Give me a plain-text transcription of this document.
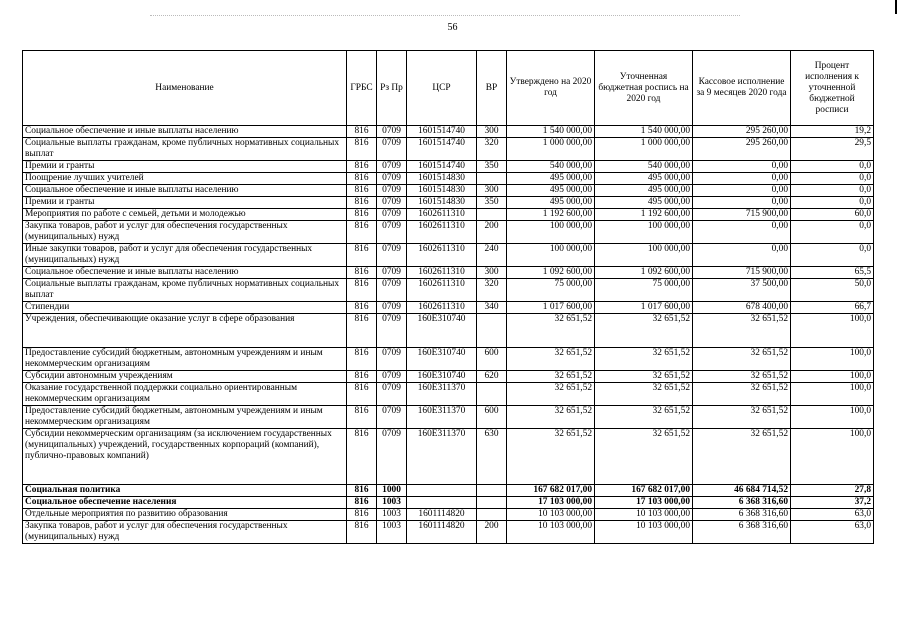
56
Наименование	ГРБС	Рз Пр	ЦСР	ВР	Утверждено на 2020 год	Уточненная бюджетная роспись на 2020 год	Кассовое исполнение за 9 месяцев 2020 года	Процент исполнения к уточненной бюджетной росписи
Социальное обеспечение и иные выплаты населению	816	0709	1601514740	300	1 540 000,00	1 540 000,00	295 260,00	19,2
Социальные выплаты гражданам, кроме публичных нормативных социальных выплат	816	0709	1601514740	320	1 000 000,00	1 000 000,00	295 260,00	29,5
Премии и гранты	816	0709	1601514740	350	540 000,00	540 000,00	0,00	0,0
Поощрение лучших учителей	816	0709	1601514830		495 000,00	495 000,00	0,00	0,0
Социальное обеспечение и иные выплаты населению	816	0709	1601514830	300	495 000,00	495 000,00	0,00	0,0
Премии и гранты	816	0709	1601514830	350	495 000,00	495 000,00	0,00	0,0
Мероприятия по работе с семьей, детьми и молодежью	816	0709	1602611310		1 192 600,00	1 192 600,00	715 900,00	60,0
Закупка товаров, работ и услуг для обеспечения государственных (муниципальных) нужд	816	0709	1602611310	200	100 000,00	100 000,00	0,00	0,0
Иные закупки товаров, работ и услуг для обеспечения государственных (муниципальных) нужд	816	0709	1602611310	240	100 000,00	100 000,00	0,00	0,0
Социальное обеспечение и иные выплаты населению	816	0709	1602611310	300	1 092 600,00	1 092 600,00	715 900,00	65,5
Социальные выплаты гражданам, кроме публичных нормативных социальных выплат	816	0709	1602611310	320	75 000,00	75 000,00	37 500,00	50,0
Стипендии	816	0709	1602611310	340	1 017 600,00	1 017 600,00	678 400,00	66,7
Учреждения, обеспечивающие оказание услуг в сфере образования	816	0709	160E310740		32 651,52	32 651,52	32 651,52	100,0
Предоставление субсидий бюджетным, автономным учреждениям и иным некоммерческим организациям	816	0709	160E310740	600	32 651,52	32 651,52	32 651,52	100,0
Субсидии автономным учреждениям	816	0709	160E310740	620	32 651,52	32 651,52	32 651,52	100,0
Оказание государственной поддержки социально ориентированным некоммерческим организациям	816	0709	160E311370		32 651,52	32 651,52	32 651,52	100,0
Предоставление субсидий бюджетным, автономным учреждениям и иным некоммерческим организациям	816	0709	160E311370	600	32 651,52	32 651,52	32 651,52	100,0
Субсидии некоммерческим организациям (за исключением государственных (муниципальных) учреждений, государственных корпораций (компаний), публично-правовых компаний)	816	0709	160E311370	630	32 651,52	32 651,52	32 651,52	100,0
Социальная политика	816	1000			167 682 017,00	167 682 017,00	46 684 714,52	27,8
Социальное обеспечение населения	816	1003			17 103 000,00	17 103 000,00	6 368 316,60	37,2
Отдельные мероприятия по развитию образования	816	1003	1601114820		10 103 000,00	10 103 000,00	6 368 316,60	63,0
Закупка товаров, работ и услуг для обеспечения государственных (муниципальных) нужд	816	1003	1601114820	200	10 103 000,00	10 103 000,00	6 368 316,60	63,0
